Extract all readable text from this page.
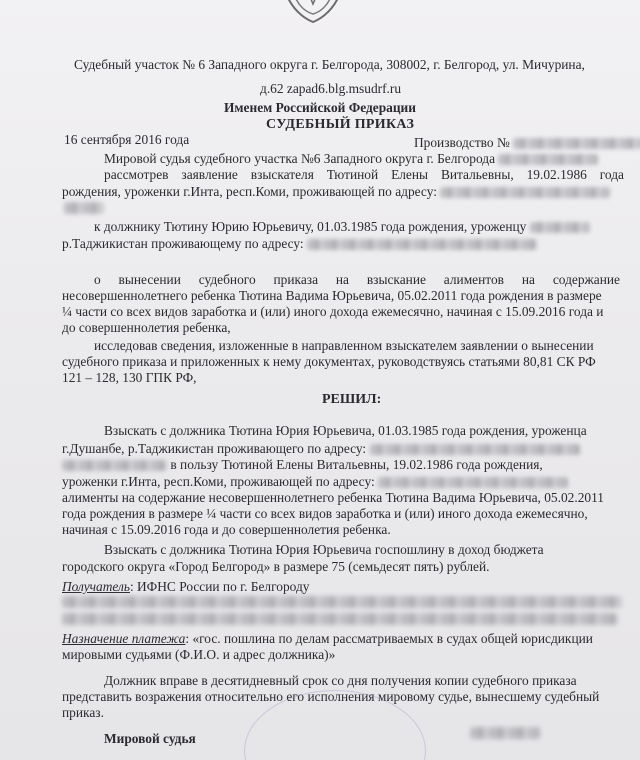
Судебный участок № 6 Западного округа г. Белгорода, 308002, г. Белгород, ул. Мичурина,
д.62 zapad6.blg.msudrf.ru
Именем Российской Федерации
СУДЕБНЫЙ ПРИКАЗ
16 сентября 2016 года	Производство №
Мировой судья судебного участка №6 Западного округа г. Белгорода
рассмотрев заявление взыскателя Тютиной Елены Витальевны, 19.02.1986 года
рождения, уроженки г.Инта, респ.Коми, проживающей по адресу:
к должнику Тютину Юрию Юрьевичу, 01.03.1985 года рождения, уроженцу
р.Таджикистан проживающему по адресу:
о вынесении судебного приказа на взыскание алиментов на содержание
несовершеннолетнего ребенка Тютина Вадима Юрьевича, 05.02.2011 года рождения в размере
¼ части со всех видов заработка и (или) иного дохода ежемесячно, начиная с 15.09.2016 года и
до совершеннолетия ребенка,
исследовав сведения, изложенные в направленном взыскателем заявлении о вынесении
судебного приказа и приложенных к нему документах, руководствуясь статьями 80,81 СК РФ
121 – 128, 130 ГПК РФ,
РЕШИЛ:
Взыскать с должника Тютина Юрия Юрьевича, 01.03.1985 года рождения, уроженца
г.Душанбе, р.Таджикистан проживающего по адресу:
в пользу Тютиной Елены Витальевны, 19.02.1986 года рождения,
уроженки г.Инта, респ.Коми, проживающей по адресу:
алименты на содержание несовершеннолетнего ребенка Тютина Вадима Юрьевича, 05.02.2011
года рождения в размере ¼ части со всех видов заработка и (или) иного дохода ежемесячно,
начиная с 15.09.2016 года и до совершеннолетия ребенка.
Взыскать с должника Тютина Юрия Юрьевича госпошлину в доход бюджета
городского округа «Город Белгород» в размере 75 (семьдесят пять) рублей.
Получатель: ИФНС России по г. Белгороду
Назначение платежа: «гос. пошлина по делам рассматриваемых в судах общей юрисдикции
мировыми судьями (Ф.И.О. и адрес должника)»
Должник вправе в десятидневный срок со дня получения копии судебного приказа
представить возражения относительно его исполнения мировому судье, вынесшему судебный
приказ.
Мировой судья
